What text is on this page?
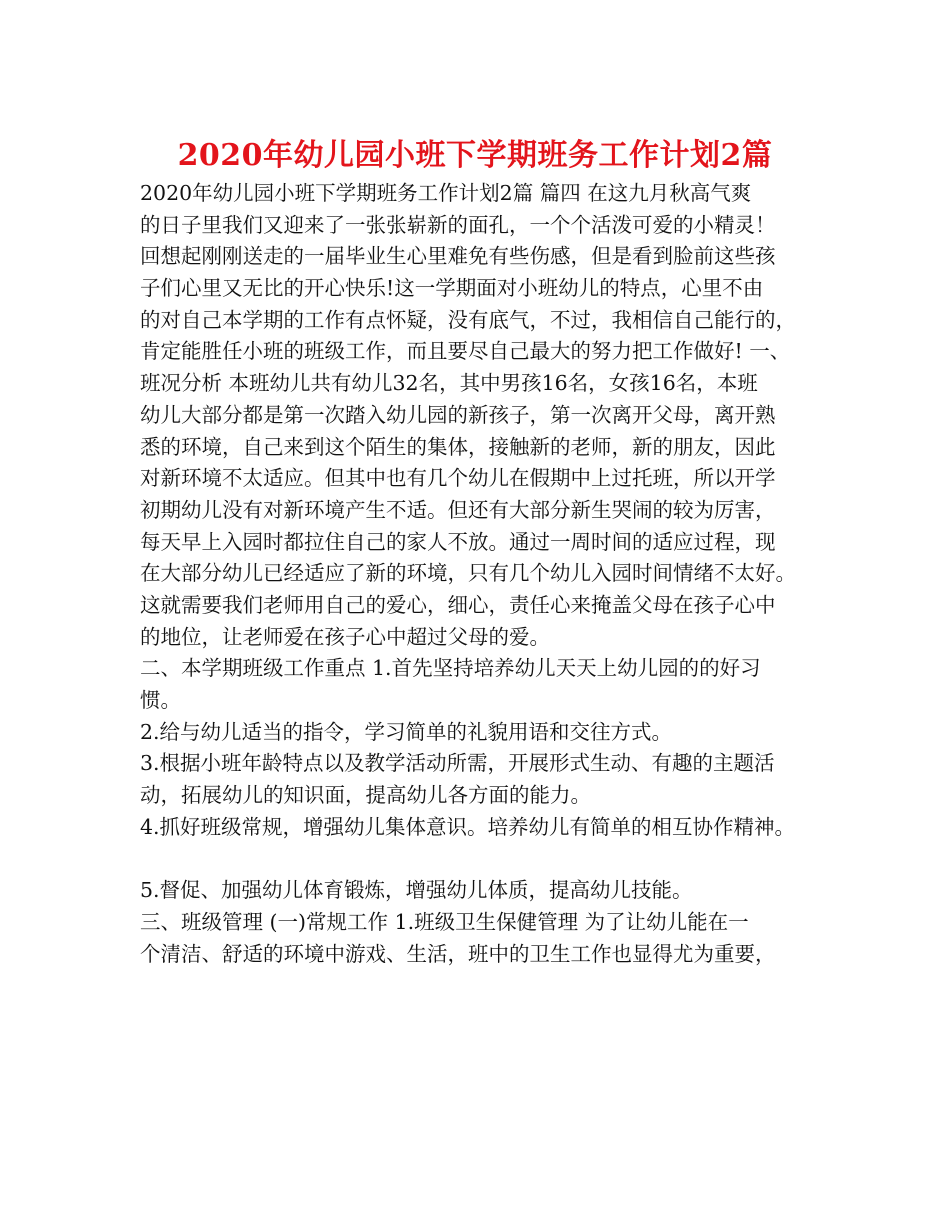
2020年幼儿园小班下学期班务工作计划2篇
2020年幼儿园小班下学期班务工作计划2篇 篇四 在这九月秋高气爽
的日子里我们又迎来了一张张崭新的面孔，一个个活泼可爱的小精灵！
回想起刚刚送走的一届毕业生心里难免有些伤感，但是看到脸前这些孩
子们心里又无比的开心快乐!这一学期面对小班幼儿的特点，心里不由
的对自己本学期的工作有点怀疑，没有底气，不过，我相信自己能行的，
肯定能胜任小班的班级工作，而且要尽自己最大的努力把工作做好! 一、
班况分析 本班幼儿共有幼儿32名，其中男孩16名，女孩16名，本班
幼儿大部分都是第一次踏入幼儿园的新孩子，第一次离开父母，离开熟
悉的环境，自己来到这个陌生的集体，接触新的老师，新的朋友，因此
对新环境不太适应。但其中也有几个幼儿在假期中上过托班，所以开学
初期幼儿没有对新环境产生不适。但还有大部分新生哭闹的较为厉害，
每天早上入园时都拉住自己的家人不放。通过一周时间的适应过程，现
在大部分幼儿已经适应了新的环境，只有几个幼儿入园时间情绪不太好。
这就需要我们老师用自己的爱心，细心，责任心来掩盖父母在孩子心中
的地位，让老师爱在孩子心中超过父母的爱。
二、本学期班级工作重点 1.首先坚持培养幼儿天天上幼儿园的的好习
惯。
2.给与幼儿适当的指令，学习简单的礼貌用语和交往方式。
3.根据小班年龄特点以及教学活动所需，开展形式生动、有趣的主题活
动，拓展幼儿的知识面，提高幼儿各方面的能力。
4.抓好班级常规，增强幼儿集体意识。培养幼儿有简单的相互协作精神。
5.督促、加强幼儿体育锻炼，增强幼儿体质，提高幼儿技能。
三、班级管理 (一)常规工作 1.班级卫生保健管理 为了让幼儿能在一
个清洁、舒适的环境中游戏、生活，班中的卫生工作也显得尤为重要，
